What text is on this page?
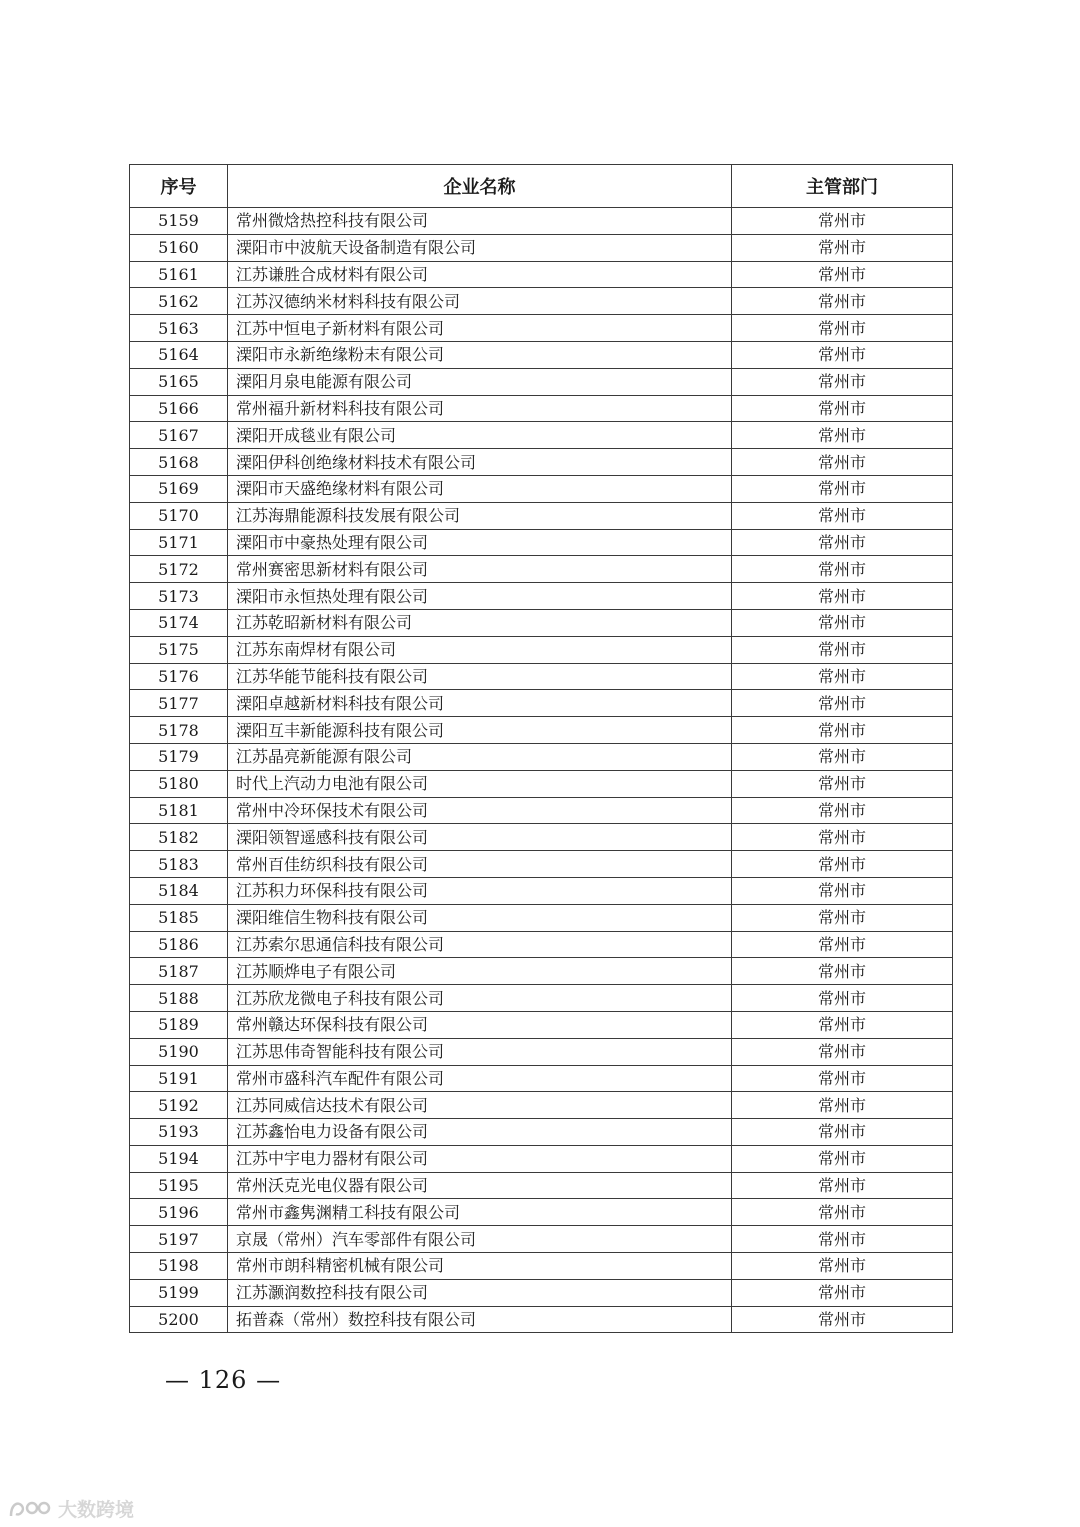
序号	企业名称	主管部门
5159	常州微焓热控科技有限公司	常州市
5160	溧阳市中波航天设备制造有限公司	常州市
5161	江苏谦胜合成材料有限公司	常州市
5162	江苏汉德纳米材料科技有限公司	常州市
5163	江苏中恒电子新材料有限公司	常州市
5164	溧阳市永新绝缘粉末有限公司	常州市
5165	溧阳月泉电能源有限公司	常州市
5166	常州福升新材料科技有限公司	常州市
5167	溧阳开成毯业有限公司	常州市
5168	溧阳伊科创绝缘材料技术有限公司	常州市
5169	溧阳市天盛绝缘材料有限公司	常州市
5170	江苏海鼎能源科技发展有限公司	常州市
5171	溧阳市中豪热处理有限公司	常州市
5172	常州赛密思新材料有限公司	常州市
5173	溧阳市永恒热处理有限公司	常州市
5174	江苏乾昭新材料有限公司	常州市
5175	江苏东南焊材有限公司	常州市
5176	江苏华能节能科技有限公司	常州市
5177	溧阳卓越新材料科技有限公司	常州市
5178	溧阳互丰新能源科技有限公司	常州市
5179	江苏晶亮新能源有限公司	常州市
5180	时代上汽动力电池有限公司	常州市
5181	常州中冷环保技术有限公司	常州市
5182	溧阳领智遥感科技有限公司	常州市
5183	常州百佳纺织科技有限公司	常州市
5184	江苏积力环保科技有限公司	常州市
5185	溧阳维信生物科技有限公司	常州市
5186	江苏索尔思通信科技有限公司	常州市
5187	江苏顺烨电子有限公司	常州市
5188	江苏欣龙微电子科技有限公司	常州市
5189	常州赣达环保科技有限公司	常州市
5190	江苏思伟奇智能科技有限公司	常州市
5191	常州市盛科汽车配件有限公司	常州市
5192	江苏同威信达技术有限公司	常州市
5193	江苏鑫怡电力设备有限公司	常州市
5194	江苏中宇电力器材有限公司	常州市
5195	常州沃克光电仪器有限公司	常州市
5196	常州市鑫隽渊精工科技有限公司	常州市
5197	京晟（常州）汽车零部件有限公司	常州市
5198	常州市朗科精密机械有限公司	常州市
5199	江苏灏润数控科技有限公司	常州市
5200	拓普森（常州）数控科技有限公司	常州市
— 126 —
大数跨境
